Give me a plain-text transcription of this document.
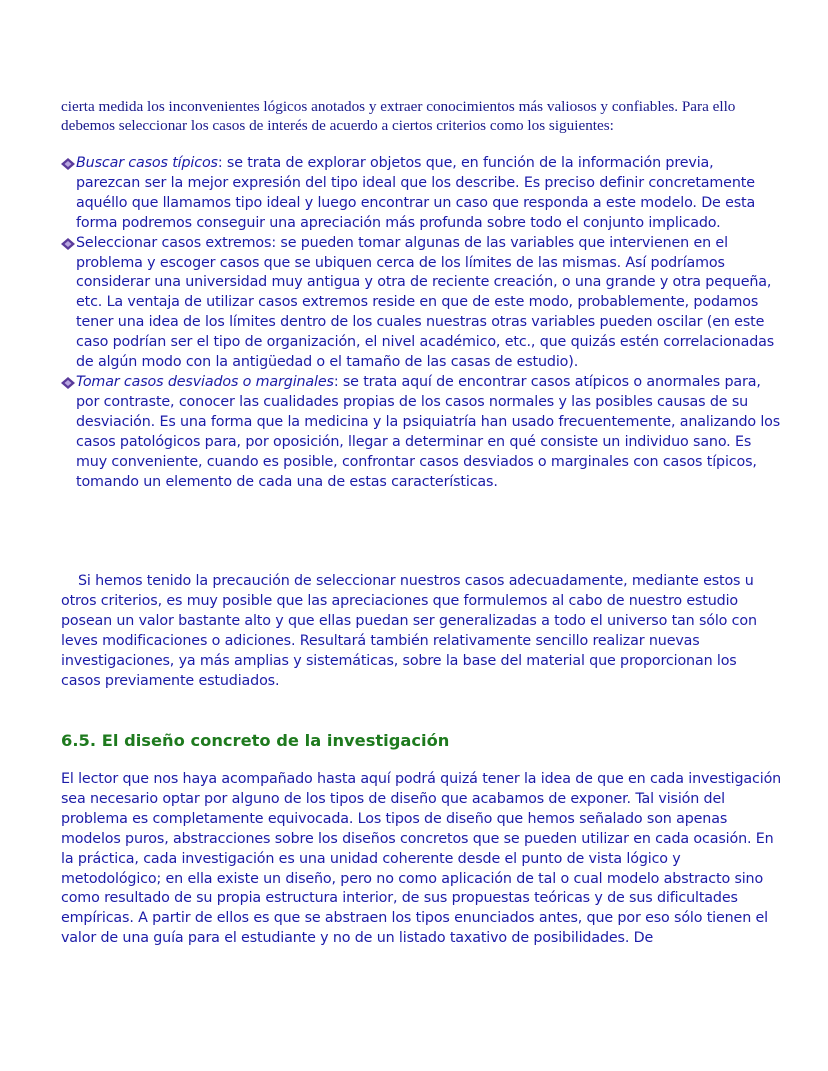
cierta medida los inconvenientes lógicos anotados y extraer conocimientos más valiosos y confiables. Para ello debemos seleccionar los casos de interés de acuerdo a ciertos criterios como los siguientes:

Buscar casos típicos: se trata de explorar objetos que, en función de la información previa, parezcan ser la mejor expresión del tipo ideal que los describe. Es preciso definir concretamente aquéllo que llamamos tipo ideal y luego encontrar un caso que responda a este modelo. De esta forma podremos conseguir una apreciación más profunda sobre todo el conjunto implicado.
Seleccionar casos extremos: se pueden tomar algunas de las variables que intervienen en el problema y escoger casos que se ubiquen cerca de los límites de las mismas. Así podríamos considerar una universidad muy antigua y otra de reciente creación, o una grande y otra pequeña, etc. La ventaja de utilizar casos extremos reside en que de este modo, probablemente, podamos tener una idea de los límites dentro de los cuales nuestras otras variables pueden oscilar (en este caso podrían ser el tipo de organización, el nivel académico, etc., que quizás estén correlacionadas de algún modo con la antigüedad o el tamaño de las casas de estudio).
Tomar casos desviados o marginales: se trata aquí de encontrar casos atípicos o anormales para, por contraste, conocer las cualidades propias de los casos normales y las posibles causas de su desviación. Es una forma que la medicina y la psiquiatría han usado frecuentemente, analizando los casos patológicos para, por oposición, llegar a determinar en qué consiste un individuo sano. Es muy conveniente, cuando es posible, confrontar casos desviados o marginales con casos típicos, tomando un elemento de cada una de estas características.

Si hemos tenido la precaución de seleccionar nuestros casos adecuadamente, mediante estos u otros criterios, es muy posible que las apreciaciones que formulemos al cabo de nuestro estudio posean un valor bastante alto y que ellas puedan ser generalizadas a todo el universo tan sólo con leves modificaciones o adiciones. Resultará también relativamente sencillo realizar nuevas investigaciones, ya más amplias y sistemáticas, sobre la base del material que proporcionan los casos previamente estudiados.

6.5. El diseño concreto de la investigación

El lector que nos haya acompañado hasta aquí podrá quizá tener la idea de que en cada investigación sea necesario optar por alguno de los tipos de diseño que acabamos de exponer. Tal visión del problema es completamente equivocada. Los tipos de diseño que hemos señalado son apenas modelos puros, abstracciones sobre los diseños concretos que se pueden utilizar en cada ocasión. En la práctica, cada investigación es una unidad coherente desde el punto de vista lógico y metodológico; en ella existe un diseño, pero no como aplicación de tal o cual modelo abstracto sino como resultado de su propia estructura interior, de sus propuestas teóricas y de sus dificultades empíricas. A partir de ellos es que se abstraen los tipos enunciados antes, que por eso sólo tienen el valor de una guía para el estudiante y no de un listado taxativo de posibilidades. De
